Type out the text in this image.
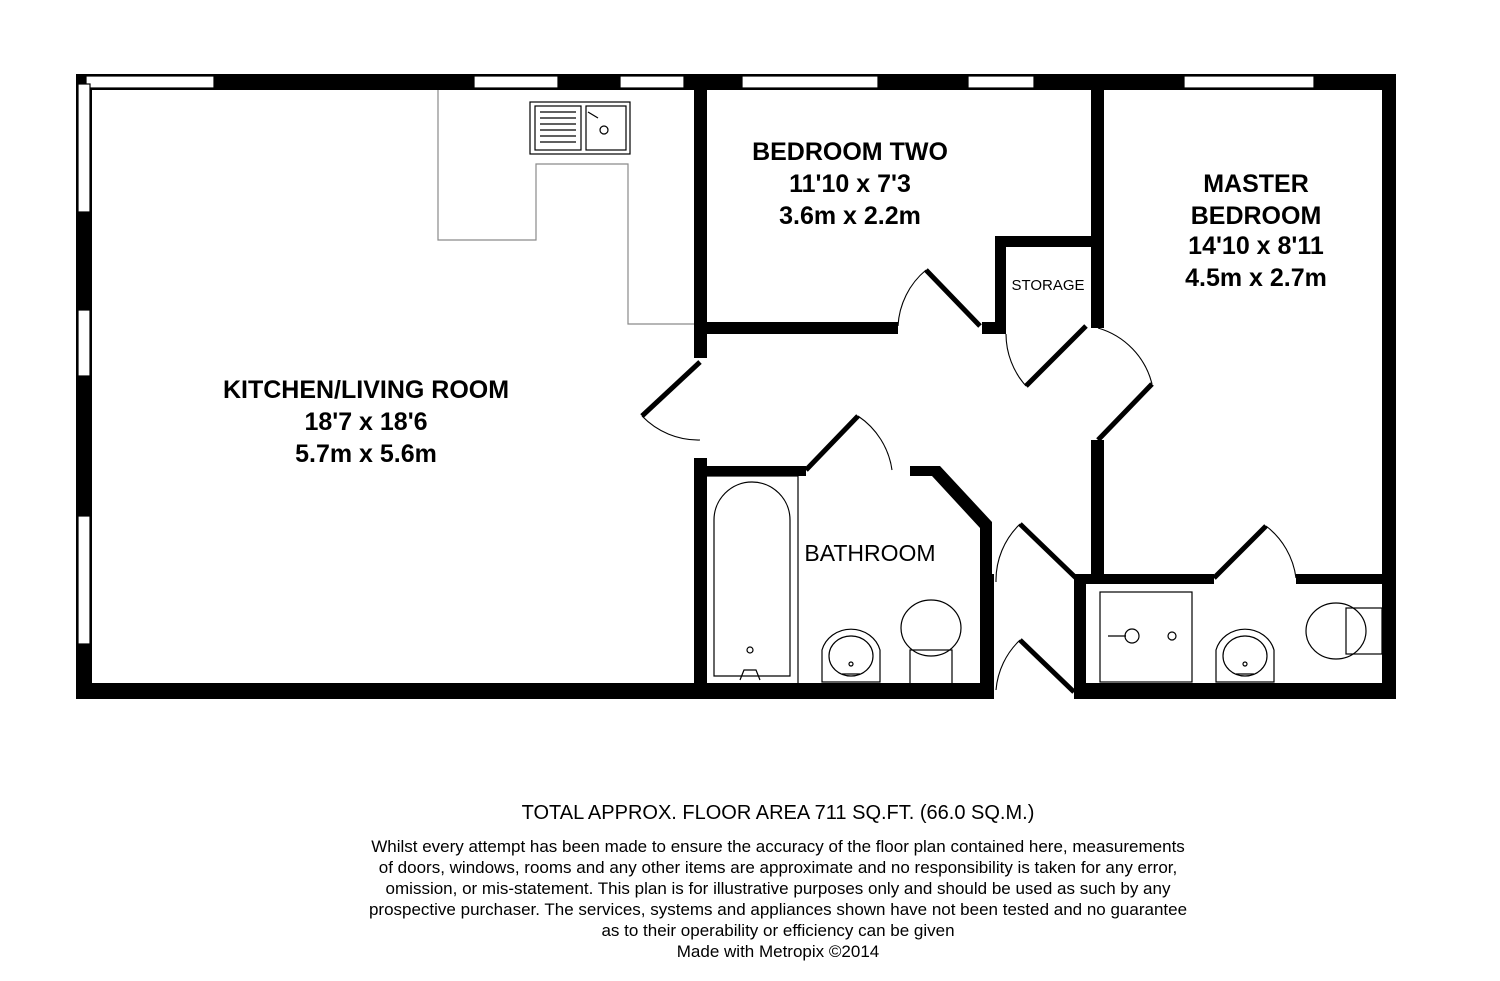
KITCHEN/LIVING ROOM
18'7 x 18'6
5.7m x 5.6m
BEDROOM TWO
11'10 x 7'3
3.6m x 2.2m
MASTER
BEDROOM
14'10 x 8'11
4.5m x 2.7m
STORAGE
BATHROOM
TOTAL APPROX. FLOOR AREA 711 SQ.FT. (66.0 SQ.M.)
Whilst every attempt has been made to ensure the accuracy of the floor plan contained here, measurements
of doors, windows, rooms and any other items are approximate and no responsibility is taken for any error,
omission, or mis-statement. This plan is for illustrative purposes only and should be used as such by any
prospective purchaser. The services, systems and appliances shown have not been tested and no guarantee
as to their operability or efficiency can be given
Made with Metropix ©2014
